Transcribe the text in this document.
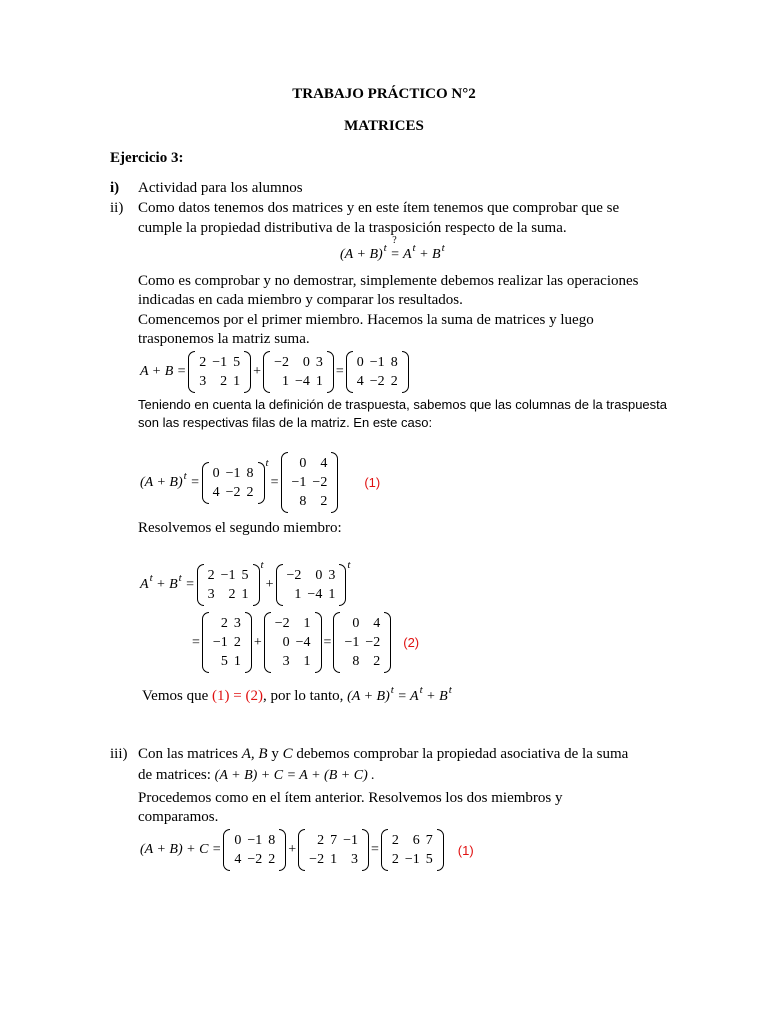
TRABAJO PRÁCTICO N°2
MATRICES
Ejercicio 3:
i) Actividad para los alumnos
ii) Como datos tenemos dos matrices y en este ítem tenemos que comprobar que se
cumple la propiedad distributiva de la trasposición respecto de la suma.
$(A + B)^t$
?
= $A^t + B^t$
Como es comprobar y no demostrar, simplemente debemos realizar las operaciones
indicadas en cada miembro y comparar los resultados.
Comencemos por el primer miembro. Hacemos la suma de matrices y luego
trasponemos la matriz suma.
A + B =
2 −1 5
3 2 1
+
−2 0 3
1 −4 1
=
0 −1 8
4 −2 2
Teniendo en cuenta la definición de traspuesta, sabemos que las columnas de la traspuesta
son las respectivas filas de la matriz. En este caso:
$(A + B)^t$ =
0 −1 8
4 −2 2
t
=
0 4
−1 −2
8 2
(1)
Resolvemos el segundo miembro:
$A^t + B^t$ =
2 −1 5
3 2 1
t
+
−2 0 3
1 −4 1
t
=
2 3
−1 2
5 1
+
−2 1
0 −4
3 1
=
0 4
−1 −2
8 2
(2)
Vemos que (1) = (2), por lo tanto, $(A + B)^t = A^t + B^t$
iii) Con las matrices A, B y C debemos comprobar la propiedad asociativa de la suma
de matrices: (A + B) + C = A + (B + C) .
Procedemos como en el ítem anterior. Resolvemos los dos miembros y
comparamos.
(A + B) + C =
0 −1 8
4 −2 2
+
2 7 −1
−2 1 3
=
2 6 7
2 −1 5
(1)
